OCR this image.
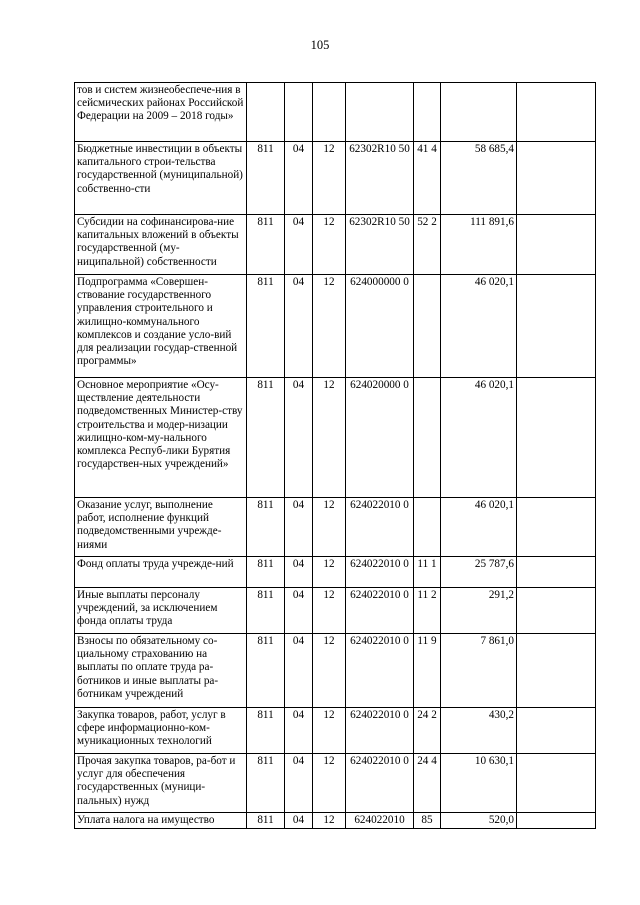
105
тов и систем жизнеобеспече-ния в сейсмических районах Российской Федерации на 2009 – 2018 годы»							
Бюджетные инвестиции в объекты капитального строи-тельства государственной (муниципальной) собственно-сти	811	04	12	62302R10 50	41 4	58 685,4	
Субсидии на софинансирова-ние капитальных вложений в объекты государственной (му-ниципальной) собственности	811	04	12	62302R10 50	52 2	111 891,6	
Подпрограмма «Совершен-ствование государственного управления строительного и жилищно-коммунального комплексов и создание усло-вий для реализации государ-ственной программы»	811	04	12	624000000 0		46 020,1	
Основное мероприятие «Осу-ществление деятельности подведомственных Министер-ству строительства и модер-низации жилищно-ком-му-нального комплекса Респуб-лики Бурятия государствен-ных учреждений»	811	04	12	624020000 0		46 020,1	
Оказание услуг, выполнение работ, исполнение функций подведомственными учрежде-ниями	811	04	12	624022010 0		46 020,1	
Фонд оплаты труда учрежде-ний	811	04	12	624022010 0	11 1	25 787,6	
Иные выплаты персоналу учреждений, за исключением фонда оплаты труда	811	04	12	624022010 0	11 2	291,2	
Взносы по обязательному со-циальному страхованию на выплаты по оплате труда ра-ботников и иные выплаты ра-ботникам учреждений	811	04	12	624022010 0	11 9	7 861,0	
Закупка товаров, работ, услуг в сфере информационно-ком-муникационных технологий	811	04	12	624022010 0	24 2	430,2	
Прочая закупка товаров, ра-бот и услуг для обеспечения государственных (муници-пальных) нужд	811	04	12	624022010 0	24 4	10 630,1	
Уплата налога на имущество	811	04	12	624022010	85	520,0	
